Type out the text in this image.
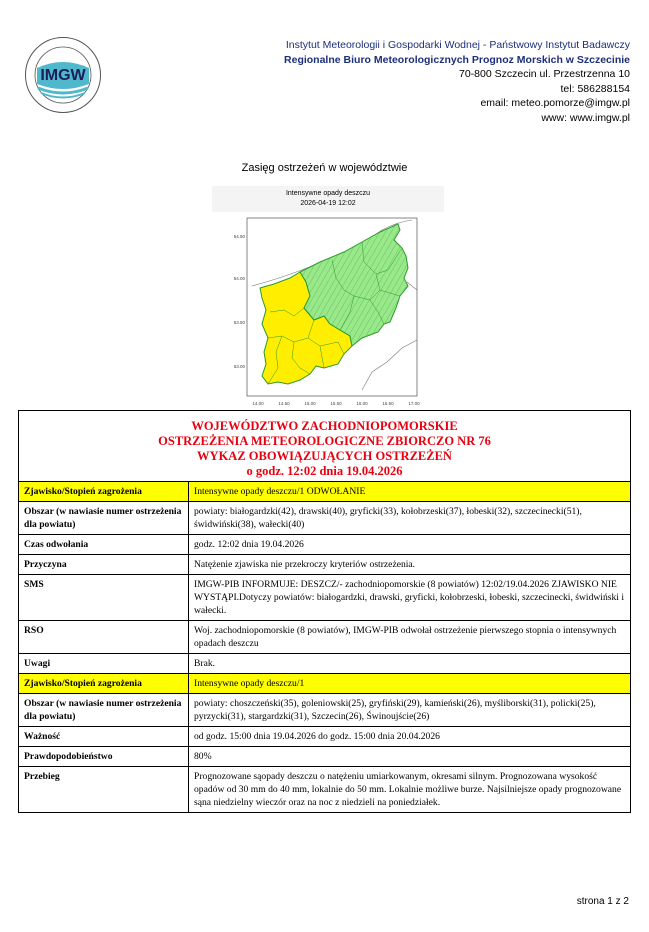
IMGW
Instytut Meteorologii i Gospodarki Wodnej - Państwowy Instytut Badawczy
Regionalne Biuro Meteorologicznych Prognoz Morskich w Szczecinie
70-800 Szczecin ul. Przestrzenna 10
tel: 586288154
email: meteo.pomorze@imgw.pl
www: www.imgw.pl
Zasięg ostrzeżeń w województwie
Intensywne opady deszczu
2026-04-19 12:02
54.50
54.00
53.50
53.00
14.00	14.50	15.00	15.50	16.00	16.50	17.00
WOJEWÓDZTWO ZACHODNIOPOMORSKIE
OSTRZEŻENIA METEOROLOGICZNE ZBIORCZO NR 76
WYKAZ OBOWIĄZUJĄCYCH OSTRZEŻEŃ
o godz. 12:02 dnia 19.04.2026	

Zjawisko/Stopień zagrożenia	Intensywne opady deszczu/1 ODWOŁANIE
Obszar (w nawiasie numer ostrzeżenia dla powiatu)	powiaty: białogardzki(42), drawski(40), gryficki(33), kołobrzeski(37), łobeski(32), szczecinecki(51), świdwiński(38), wałecki(40)
Czas odwołania	godz. 12:02 dnia 19.04.2026
Przyczyna	Natężenie zjawiska nie przekroczy kryteriów ostrzeżenia.
SMS	IMGW-PIB INFORMUJE: DESZCZ/- zachodniopomorskie (8 powiatów) 12:02/19.04.2026 ZJAWISKO NIE WYSTĄPI.Dotyczy powiatów: białogardzki, drawski, gryficki, kołobrzeski, łobeski, szczecinecki, świdwiński i wałecki.
RSO	Woj. zachodniopomorskie (8 powiatów), IMGW-PIB odwołał ostrzeżenie pierwszego stopnia o intensywnych opadach deszczu
Uwagi	Brak.
Zjawisko/Stopień zagrożenia	Intensywne opady deszczu/1
Obszar (w nawiasie numer ostrzeżenia dla powiatu)	powiaty: choszczeński(35), goleniowski(25), gryfiński(29), kamieński(26), myśliborski(31), policki(25), pyrzycki(31), stargardzki(31), Szczecin(26), Świnoujście(26)
Ważność	od godz. 15:00 dnia 19.04.2026 do godz. 15:00 dnia 20.04.2026
Prawdopodobieństwo	80%
Przebieg	Prognozowane sąopady deszczu o natężeniu umiarkowanym, okresami silnym. Prognozowana wysokość opadów od 30 mm do 40 mm, lokalnie do 50 mm. Lokalnie możliwe burze. Najsilniejsze opady prognozowane sąna niedzielny wieczór oraz na noc z niedzieli na poniedziałek.
strona 1 z 2
